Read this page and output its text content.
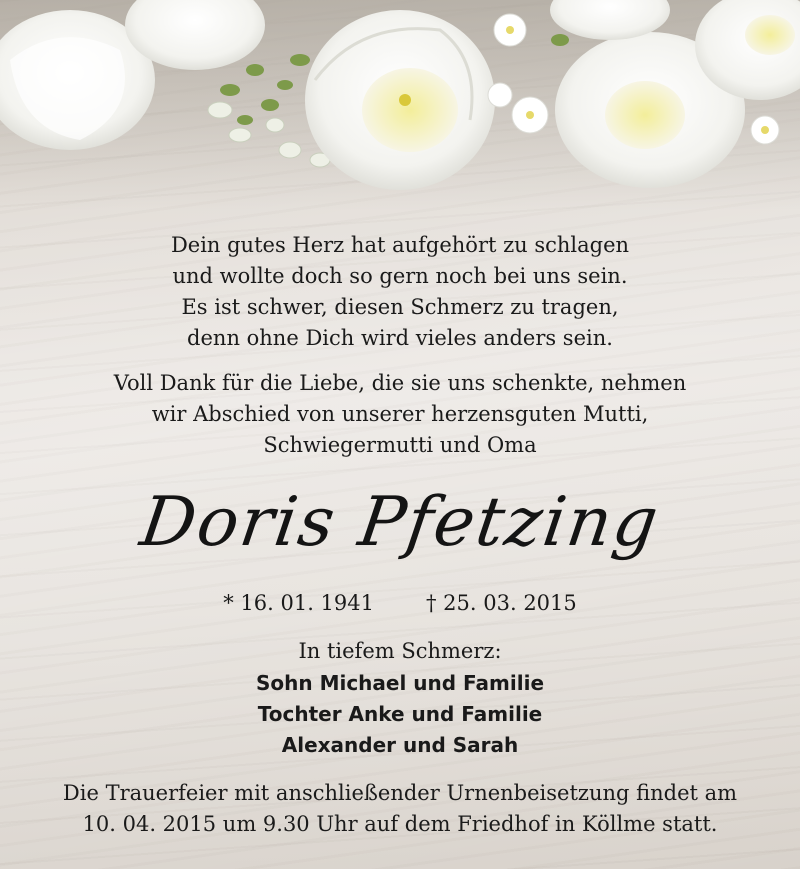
Dein gutes Herz hat aufgehört zu schlagen
und wollte doch so gern noch bei uns sein.
Es ist schwer, diesen Schmerz zu tragen,
denn ohne Dich wird vieles anders sein.
Voll Dank für die Liebe, die sie uns schenkte, nehmen
wir Abschied von unserer herzensguten Mutti,
Schwiegermutti und Oma
Doris Pfetzing
* 16. 01. 1941 † 25. 03. 2015
In tiefem Schmerz:
Sohn Michael und Familie
Tochter Anke und Familie
Alexander und Sarah
Die Trauerfeier mit anschließender Urnenbeisetzung findet am
10. 04. 2015 um 9.30 Uhr auf dem Friedhof in Köllme statt.
